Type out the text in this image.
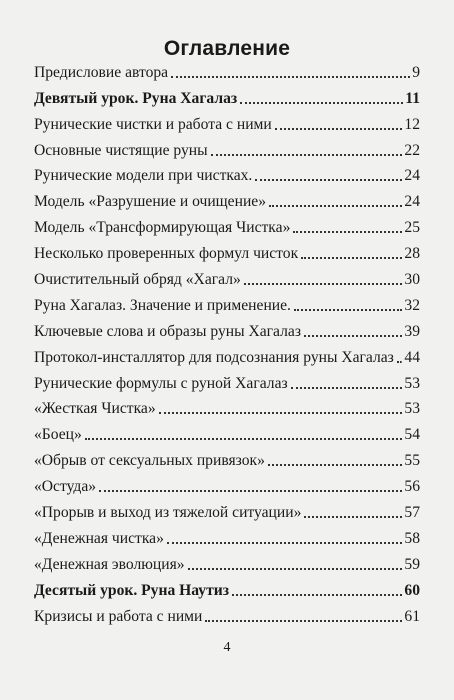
Оглавление
Предисловие автора	9
Девятый урок. Руна Хагалаз	11
Рунические чистки и работа с ними	12
Основные чистящие руны	22
Рунические модели при чистках.	24
Модель «Разрушение и очищение»	24
Модель «Трансформирующая Чистка»	25
Несколько проверенных формул чисток	28
Очистительный обряд «Хагал»	30
Руна Хагалаз. Значение и применение.	32
Ключевые слова и образы руны Хагалаз	39
Протокол-инсталлятор для подсознания руны Хагалаз 44
Рунические формулы с руной Хагалаз	53
«Жесткая Чистка»	53
«Боец»	54
«Обрыв от сексуальных привязок»	55
«Остуда»	56
«Прорыв и выход из тяжелой ситуации»	57
«Денежная чистка»	58
«Денежная эволюция»	59
Десятый урок. Руна Наутиз	60
Кризисы и работа с ними	61
4
